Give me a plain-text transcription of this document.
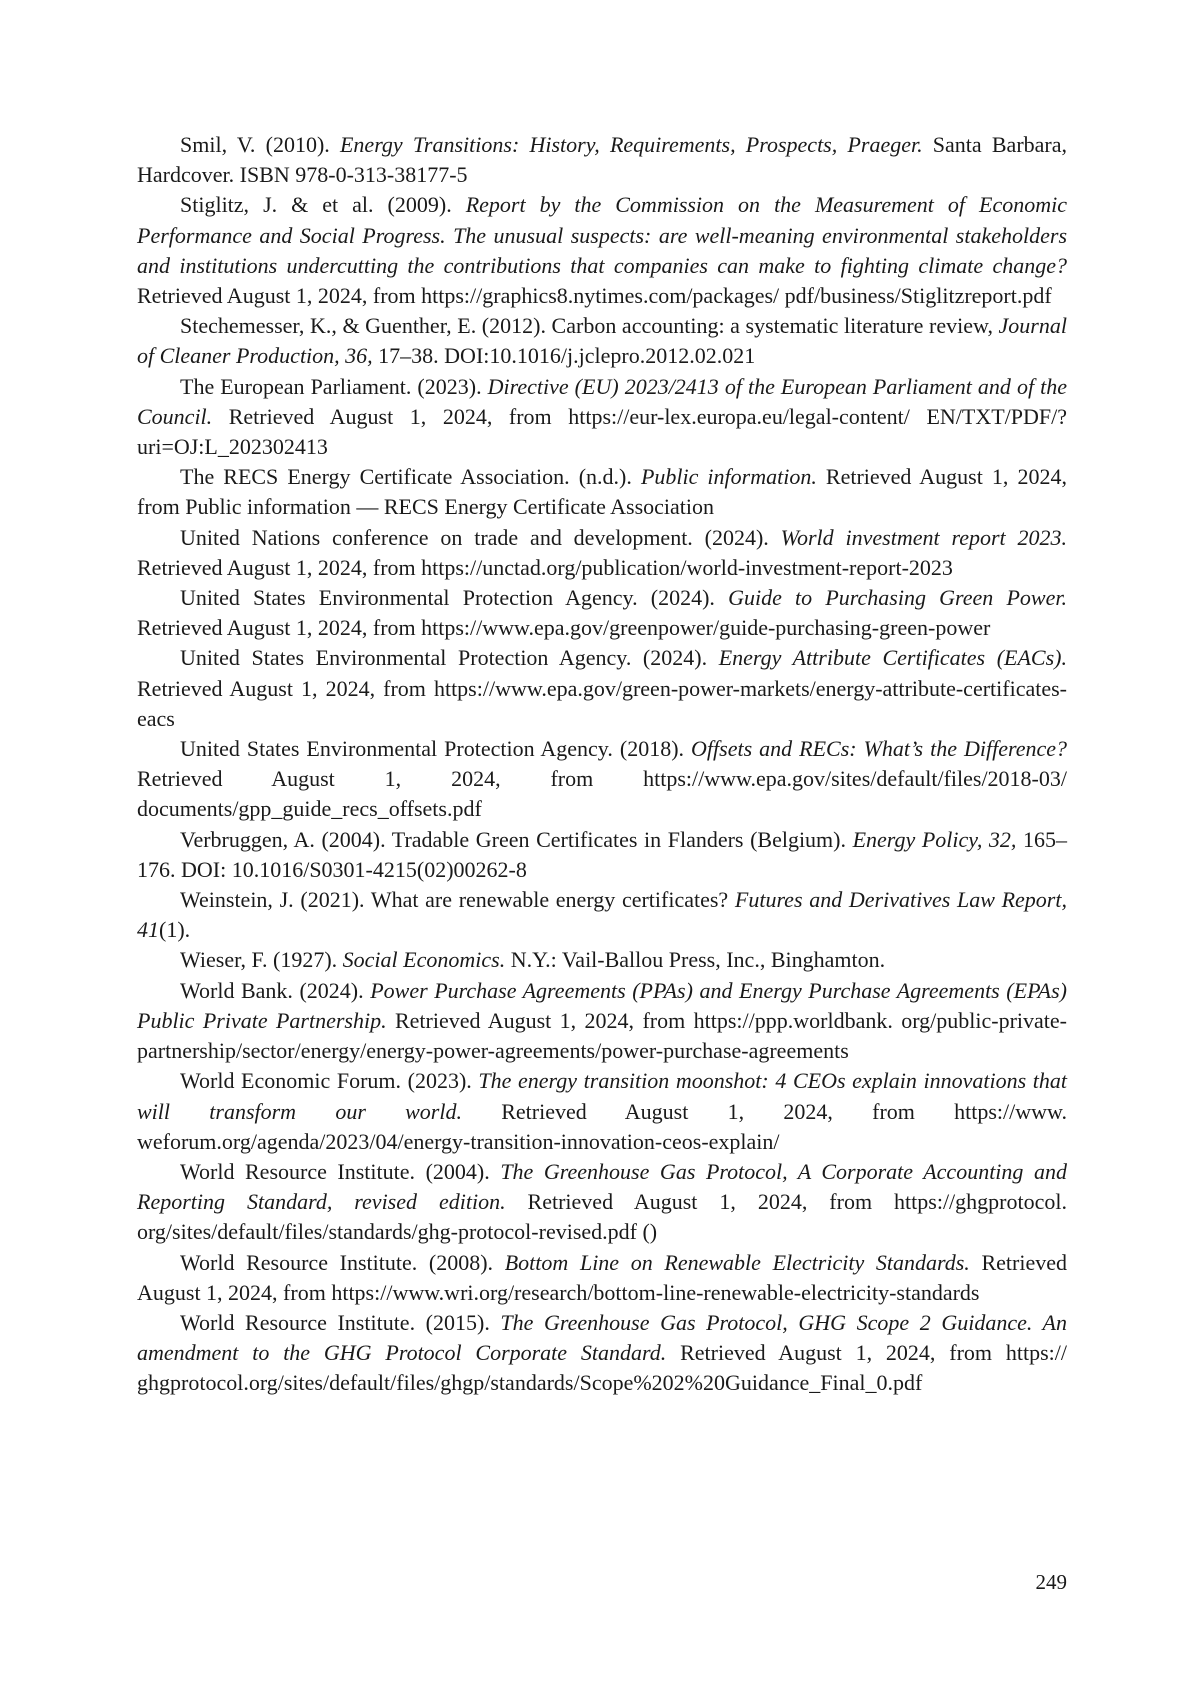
Smil, V. (2010). Energy Transitions: History, Requirements, Prospects, Praeger. Santa Barbara, Hardcover. ISBN 978-0-313-38177-5

Stiglitz, J. & et al. (2009). Report by the Commission on the Measurement of Economic Performance and Social Progress. The unusual suspects: are well-meaning environmental stakeholders and institutions undercutting the contributions that companies can make to fighting climate change? Retrieved August 1, 2024, from https://graphics8.nytimes.com/packages/ pdf/business/Stiglitzreport.pdf

Stechemesser, K., & Guenther, E. (2012). Carbon accounting: a systematic literature review, Journal of Cleaner Production, 36, 17–38. DOI:10.1016/j.jclepro.2012.02.021

The European Parliament. (2023). Directive (EU) 2023/2413 of the European Parliament and of the Council. Retrieved August 1, 2024, from https://eur-lex.europa.eu/legal-content/ EN/TXT/PDF/?uri=OJ:L_202302413

The RECS Energy Certificate Association. (n.d.). Public information. Retrieved August 1, 2024, from Public information — RECS Energy Certificate Association

United Nations conference on trade and development. (2024). World investment report 2023. Retrieved August 1, 2024, from https://unctad.org/publication/world-investment-report-2023

United States Environmental Protection Agency. (2024). Guide to Purchasing Green Power. Retrieved August 1, 2024, from https://www.epa.gov/greenpower/guide-purchasing-green-power

United States Environmental Protection Agency. (2024). Energy Attribute Certificates (EACs). Retrieved August 1, 2024, from https://www.epa.gov/green-power-markets/energy-attribute-certificates-eacs

United States Environmental Protection Agency. (2018). Offsets and RECs: What’s the Difference? Retrieved August 1, 2024, from https://www.epa.gov/sites/default/files/2018-03/ documents/gpp_guide_recs_offsets.pdf

Verbruggen, A. (2004). Tradable Green Certificates in Flanders (Belgium). Energy Policy, 32, 165–176. DOI: 10.1016/S0301-4215(02)00262-8

Weinstein, J. (2021). What are renewable energy certificates? Futures and Derivatives Law Report, 41(1).

Wieser, F. (1927). Social Economics. N.Y.: Vail-Ballou Press, Inc., Binghamton.

World Bank. (2024). Power Purchase Agreements (PPAs) and Energy Purchase Agreements (EPAs) Public Private Partnership. Retrieved August 1, 2024, from https://ppp.worldbank. org/public-private-partnership/sector/energy/energy-power-agreements/power-purchase-agreements

World Economic Forum. (2023). The energy transition moonshot: 4 CEOs explain innovations that will transform our world. Retrieved August 1, 2024, from https://www. weforum.org/agenda/2023/04/energy-transition-innovation-ceos-explain/

World Resource Institute. (2004). The Greenhouse Gas Protocol, A Corporate Accounting and Reporting Standard, revised edition. Retrieved August 1, 2024, from https://ghgprotocol. org/sites/default/files/standards/ghg-protocol-revised.pdf ()

World Resource Institute. (2008). Bottom Line on Renewable Electricity Standards. Retrieved August 1, 2024, from https://www.wri.org/research/bottom-line-renewable-electricity-standards

World Resource Institute. (2015). The Greenhouse Gas Protocol, GHG Scope 2 Guidance. An amendment to the GHG Protocol Corporate Standard. Retrieved August 1, 2024, from https:// ghgprotocol.org/sites/default/files/ghgp/standards/Scope%202%20Guidance_Final_0.pdf

249
